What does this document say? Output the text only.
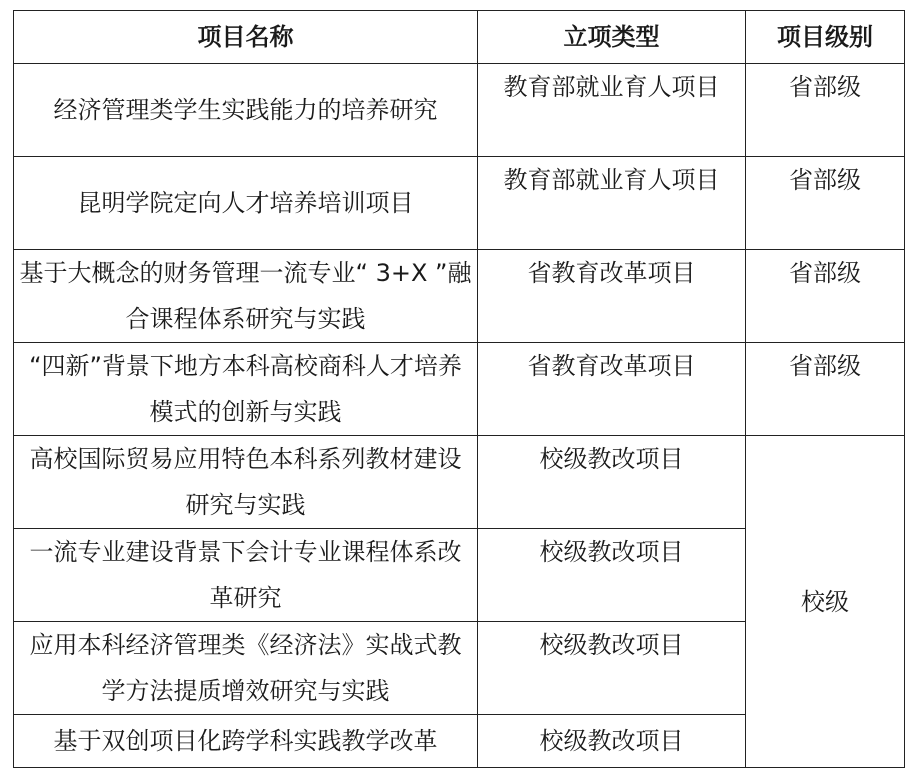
项目名称	立项类型	项目级别

经济管理类学生实践能力的培养研究	教育部就业育人项目	省部级

昆明学院定向人才培养培训项目	教育部就业育人项目	省部级

基于大概念的财务管理一流专业“ 3+X ”融合课程体系研究与实践	省教育改革项目	省部级

“四新”背景下地方本科高校商科人才培养模式的创新与实践	省教育改革项目	省部级

高校国际贸易应用特色本科系列教材建设研究与实践	校级教改项目	校级

一流专业建设背景下会计专业课程体系改革研究	校级教改项目	

应用本科经济管理类《经济法》实战式教学方法提质增效研究与实践	校级教改项目	

基于双创项目化跨学科实践教学改革	校级教改项目	
